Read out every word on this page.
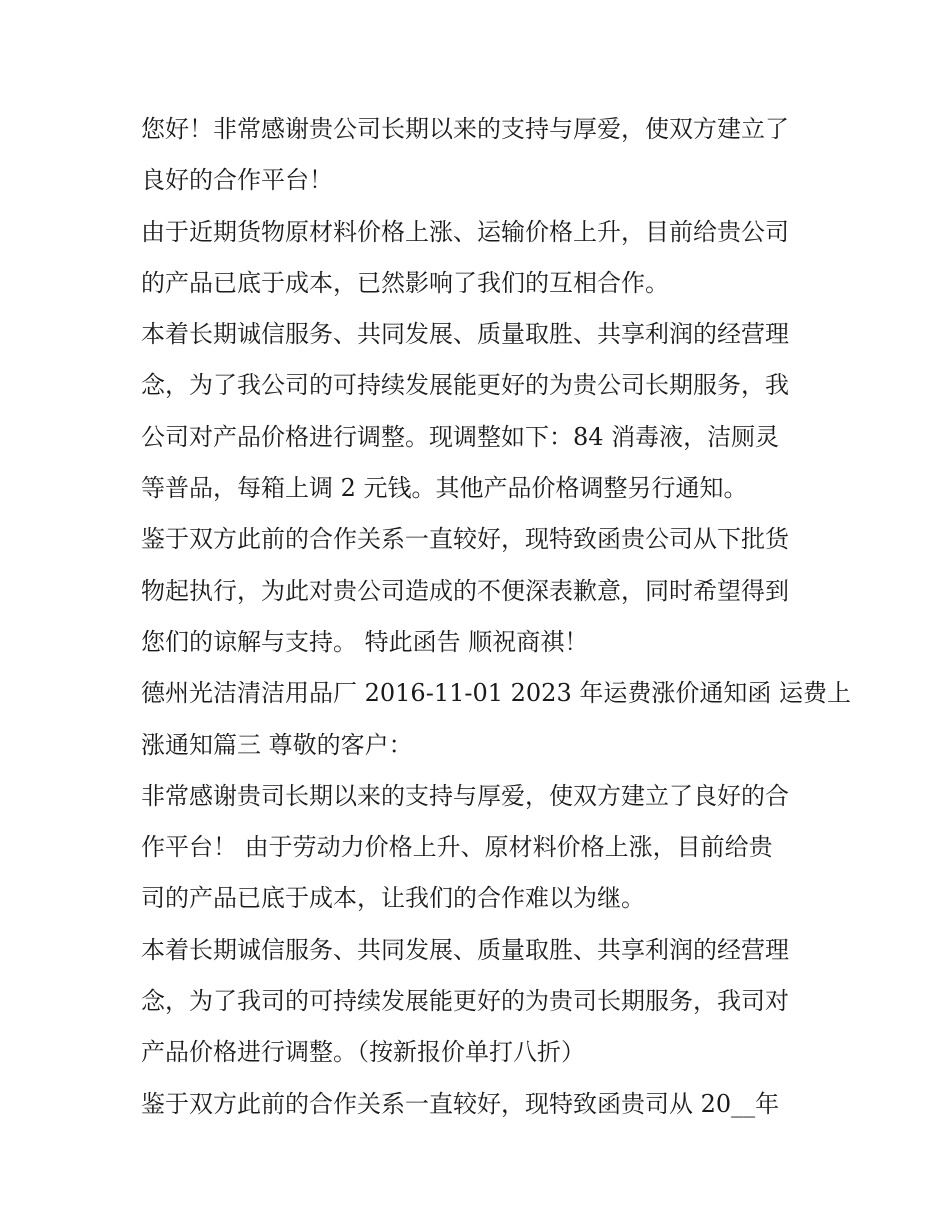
您好！非常感谢贵公司长期以来的支持与厚爱，使双方建立了
良好的合作平台！
由于近期货物原材料价格上涨、运输价格上升，目前给贵公司
的产品已底于成本，已然影响了我们的互相合作。
本着长期诚信服务、共同发展、质量取胜、共享利润的经营理
念，为了我公司的可持续发展能更好的为贵公司长期服务，我
公司对产品价格进行调整。现调整如下：84 消毒液，洁厕灵
等普品，每箱上调 2 元钱。其他产品价格调整另行通知。
鉴于双方此前的合作关系一直较好，现特致函贵公司从下批货
物起执行，为此对贵公司造成的不便深表歉意，同时希望得到
您们的谅解与支持。 特此函告 顺祝商祺！
德州光洁清洁用品厂 2016-11-01 2023 年运费涨价通知函 运费上
涨通知篇三 尊敬的客户：
非常感谢贵司长期以来的支持与厚爱，使双方建立了良好的合
作平台！ 由于劳动力价格上升、原材料价格上涨，目前给贵
司的产品已底于成本，让我们的合作难以为继。
本着长期诚信服务、共同发展、质量取胜、共享利润的经营理
念，为了我司的可持续发展能更好的为贵司长期服务，我司对
产品价格进行调整。（按新报价单打八折）
鉴于双方此前的合作关系一直较好，现特致函贵司从 20__年
